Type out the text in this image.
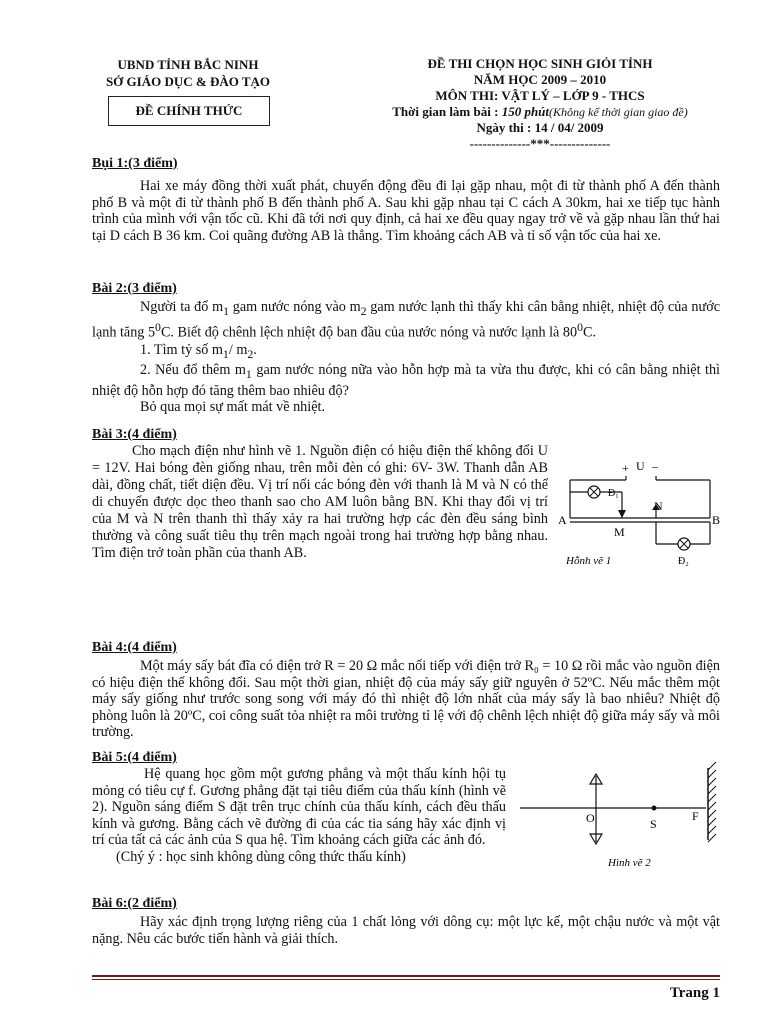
UBND TỈNH BẮC NINH
SỞ GIÁO DỤC & ĐÀO TẠO
ĐỀ CHÍNH THỨC
ĐỀ THI CHỌN HỌC SINH GIỎI TỈNH
NĂM HỌC 2009 – 2010
MÔN THI: VẬT LÝ – LỚP 9 - THCS
Thời gian làm bài : 150 phút(Không kể thời gian giao đề)
Ngày thi : 14 / 04/ 2009
--------------***--------------
Bụi 1:(3 điểm)
Hai xe máy đồng thời xuất phát, chuyển động đều đi lại gặp nhau, một đi từ thành phố A đến thành phố B và một đi từ thành phố B đến thành phố A. Sau khi gặp nhau tại C cách A 30km, hai xe tiếp tục hành trình của mình với vận tốc cũ. Khi đã tới nơi quy định, cả hai xe đều quay ngay trở về và gặp nhau lần thứ hai tại D cách B 36 km. Coi quãng đường AB là thẳng. Tìm khoảng cách AB và tỉ số vận tốc của hai xe.
Bài 2:(3 điểm)
Người ta đổ $m_1$ gam nước nóng vào $m_2$ gam nước lạnh thì thấy khi cân bằng nhiệt, nhiệt độ của nước lạnh tăng $5^0C$. Biết độ chênh lệch nhiệt độ ban đầu của nước nóng và nước lạnh là $80^0C$.
1. Tìm tỷ số $m_1/$ $m_2$.
2. Nếu đổ thêm $m_1$ gam nước nóng nữa vào hỗn hợp mà ta vừa thu được, khi có cân bằng nhiệt thì nhiệt độ hỗn hợp đó tăng thêm bao nhiêu độ?
Bỏ qua mọi sự mất mát về nhiệt.
Bài 3:(4 điểm)
Cho mạch điện như hình vẽ 1. Nguồn điện có hiệu điện thế không đổi U = 12V. Hai bóng đèn giống nhau, trên mỗi đèn có ghi: 6V- 3W. Thanh dẫn AB dài, đồng chất, tiết diện đều. Vị trí nối các bóng đèn với thanh là M và N có thể di chuyển được dọc theo thanh sao cho AM luôn bằng BN. Khi thay đổi vị trí của M và N trên thanh thì thấy xảy ra hai trường hợp các đèn đều sáng bình thường và công suất tiêu thụ trên mạch ngoài trong hai trường hợp bằng nhau. Tìm điện trở toàn phần của thanh AB.
+ U –
Đ₁
N
A	B
M
Hỗnh vẽ 1	Đ₂
Bài 4:(4 điểm)
Một máy sấy bát đĩa có điện trở R = 20 Ω mắc nối tiếp với điện trở R₀ = 10 Ω rồi mắc vào nguồn điện có hiệu điện thế không đổi. Sau một thời gian, nhiệt độ của máy sấy giữ nguyên ở 52ºC. Nếu mắc thêm một máy sấy giống như trước song song với máy đó thì nhiệt độ lớn nhất của máy sấy là bao nhiêu? Nhiệt độ phòng luôn là 20ºC, coi công suất tỏa nhiệt ra môi trường tỉ lệ với độ chênh lệch nhiệt độ giữa máy sấy và môi trường.
Bài 5:(4 điểm)
Hệ quang học gồm một gương phẳng và một thấu kính hội tụ mỏng có tiêu cự f. Gương phẳng đặt tại tiêu điểm của thấu kính (hình vẽ 2). Nguồn sáng điểm S đặt trên trục chính của thấu kính, cách đều thấu kính và gương. Bằng cách vẽ đường đi của các tia sáng hãy xác định vị trí của tất cả các ảnh của S qua hệ. Tìm khoảng cách giữa các ảnh đó.
(Chý ý : học sinh không dùng công thức thấu kính)
O	S
F
Hình vẽ 2
Bài 6:(2 điểm)
Hãy xác định trọng lượng riêng của 1 chất lỏng với dông cụ: một lực kế, một chậu nước và một vật nặng. Nêu các bước tiến hành và giải thích.
Trang 1
